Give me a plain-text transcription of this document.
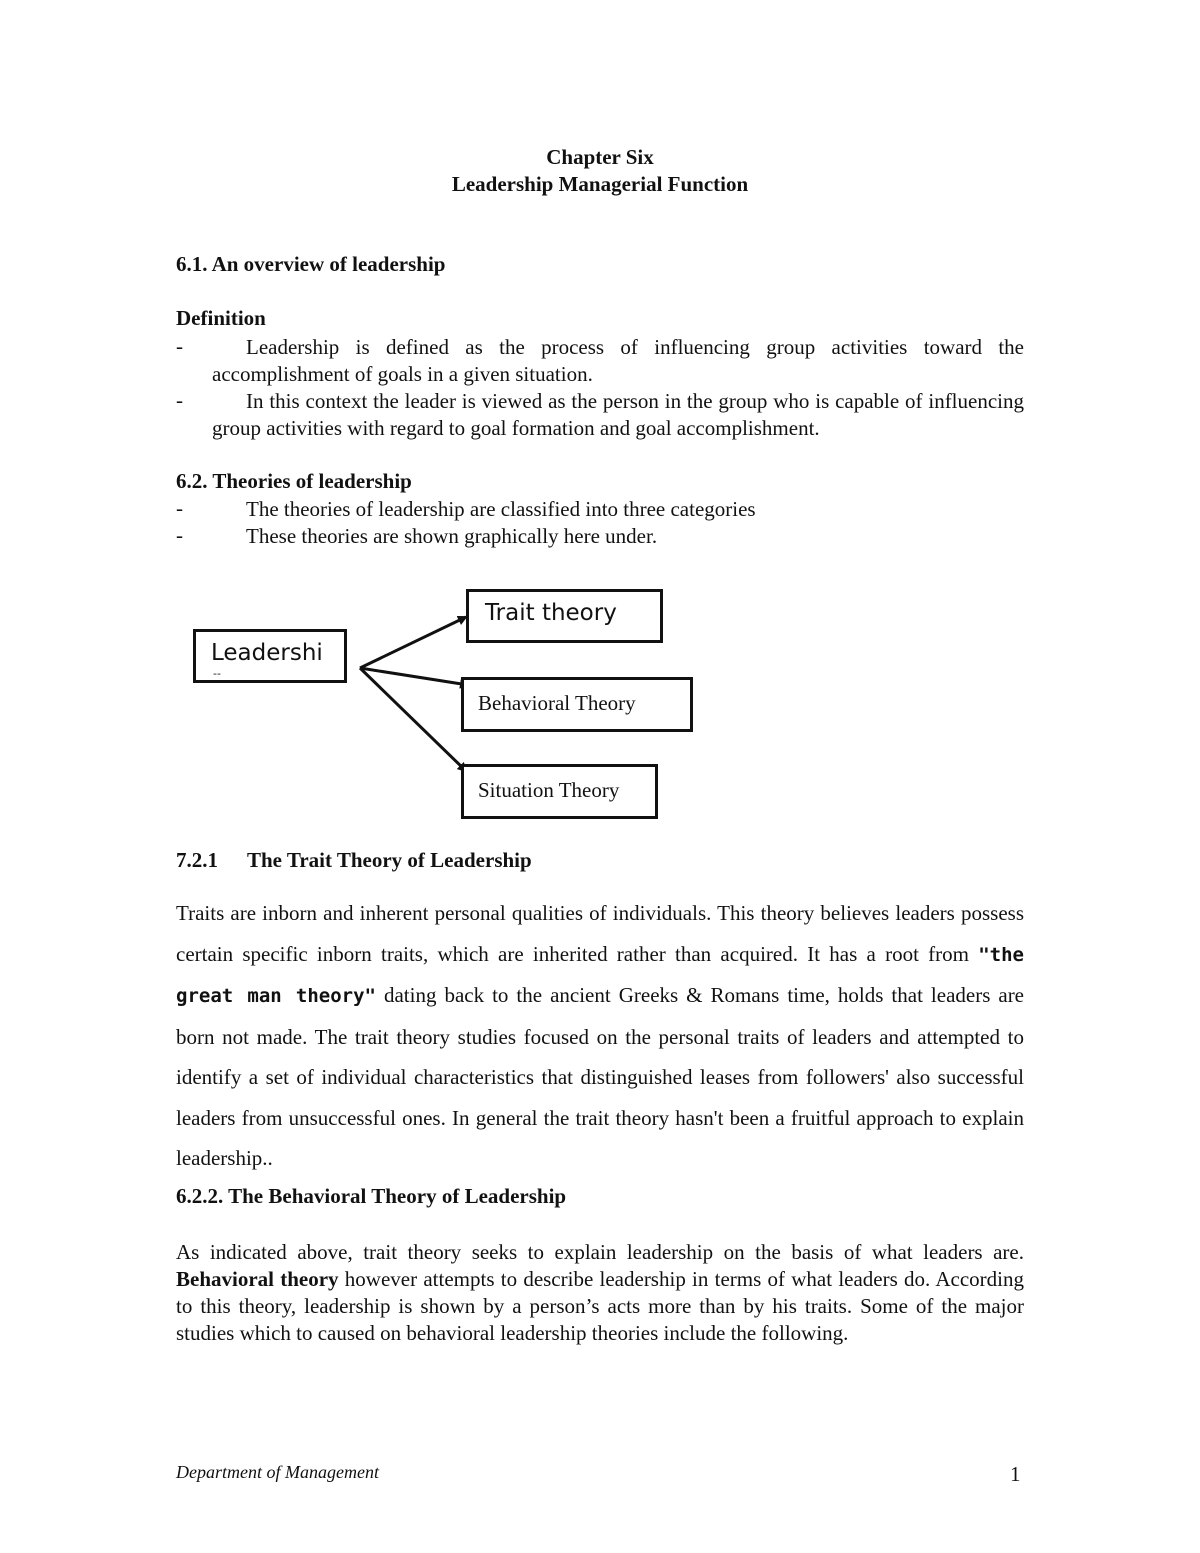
Chapter Six
Leadership Managerial Function
6.1. An overview of leadership
Definition
-	Leadership is defined as the process of influencing group activities toward the accomplishment of goals in a given situation.
-	In this context the leader is viewed as the person in the group who is capable of influencing group activities with regard to goal formation and goal accomplishment.
6.2. Theories of leadership
-	The theories of leadership are classified into three categories
-	These theories are shown graphically here under.
Leadershi
--
Trait theory
Behavioral Theory
Situation Theory
7.2.1 The Trait Theory of Leadership
Traits are inborn and inherent personal qualities of individuals. This theory believes leaders possess certain specific inborn traits, which are inherited rather than acquired. It has a root from "the great man theory" dating back to the ancient Greeks & Romans time, holds that leaders are born not made. The trait theory studies focused on the personal traits of leaders and attempted to identify a set of individual characteristics that distinguished leases from followers' also successful leaders from unsuccessful ones. In general the trait theory hasn't been a fruitful approach to explain leadership..
6.2.2. The Behavioral Theory of Leadership
As indicated above, trait theory seeks to explain leadership on the basis of what leaders are. Behavioral theory however attempts to describe leadership in terms of what leaders do. According to this theory, leadership is shown by a person’s acts more than by his traits. Some of the major studies which to caused on behavioral leadership theories include the following.
Department of Management	1
